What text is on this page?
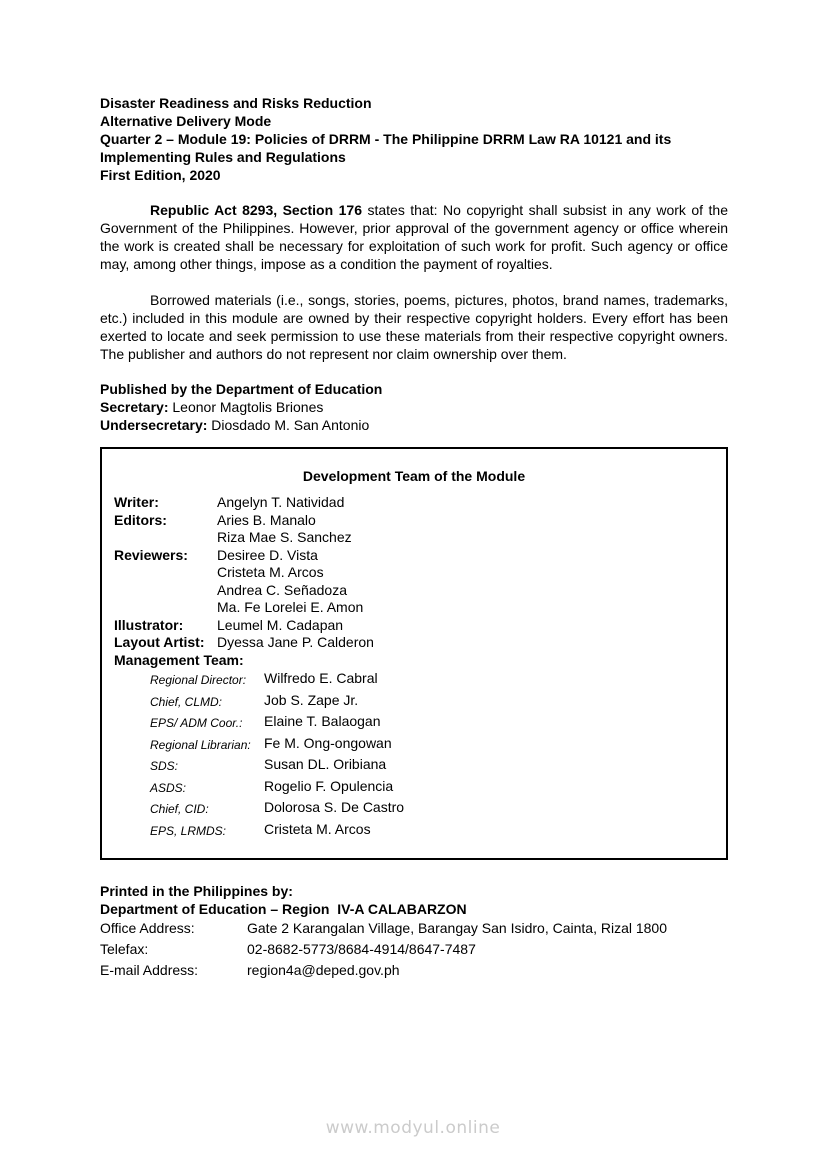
Disaster Readiness and Risks Reduction
Alternative Delivery Mode
Quarter 2 – Module 19: Policies of DRRM - The Philippine DRRM Law RA 10121 and its Implementing Rules and Regulations
First Edition, 2020

Republic Act 8293, Section 176 states that: No copyright shall subsist in any work of the Government of the Philippines. However, prior approval of the government agency or office wherein the work is created shall be necessary for exploitation of such work for profit. Such agency or office may, among other things, impose as a condition the payment of royalties.

Borrowed materials (i.e., songs, stories, poems, pictures, photos, brand names, trademarks, etc.) included in this module are owned by their respective copyright holders. Every effort has been exerted to locate and seek permission to use these materials from their respective copyright owners. The publisher and authors do not represent nor claim ownership over them.

Published by the Department of Education
Secretary: Leonor Magtolis Briones
Undersecretary: Diosdado M. San Antonio
Development Team of the Module
Writer:	Angelyn T. Natividad
Editors:	Aries B. Manalo
Riza Mae S. Sanchez
Reviewers:	Desiree D. Vista
Cristeta M. Arcos
Andrea C. Señadoza
Ma. Fe Lorelei E. Amon
Illustrator:	Leumel M. Cadapan
Layout Artist: Dyessa Jane P. Calderon
Management Team:
Regional Director:	Wilfredo E. Cabral
Chief, CLMD:	Job S. Zape Jr.
EPS/ ADM Coor.:	Elaine T. Balaogan
Regional Librarian: Fe M. Ong-ongowan
SDS:	Susan DL. Oribiana
ASDS:	Rogelio F. Opulencia
Chief, CID:	Dolorosa S. De Castro
EPS, LRMDS:	Cristeta M. Arcos
Printed in the Philippines by:
Department of Education – Region  IV-A CALABARZON
Office Address:	Gate 2 Karangalan Village, Barangay San Isidro, Cainta, Rizal 1800
Telefax:	02-8682-5773/8684-4914/8647-7487
E-mail Address:	region4a@deped.gov.ph
www.modyul.online
